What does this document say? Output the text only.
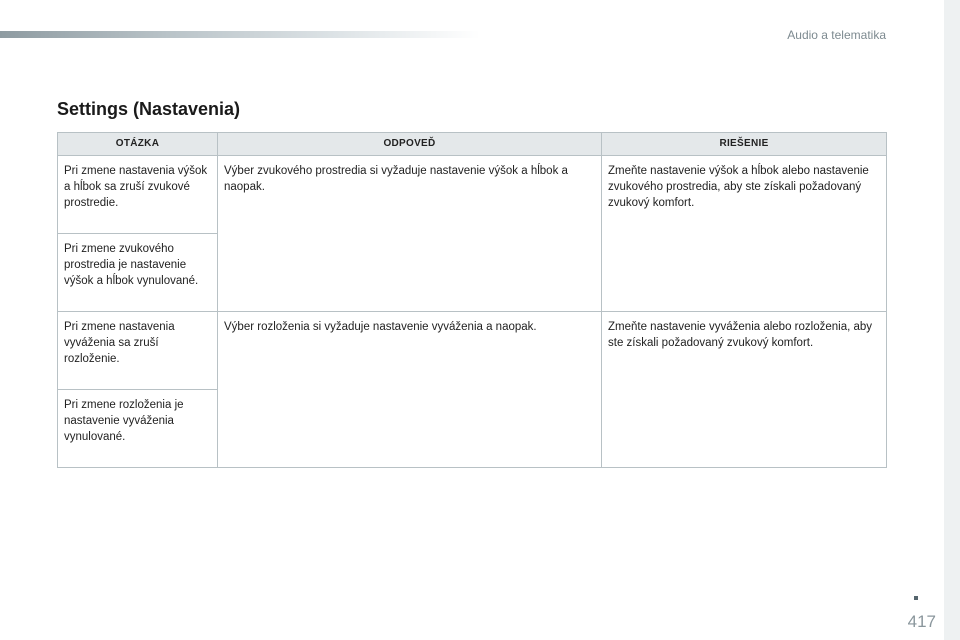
Audio a telematika
Settings (Nastavenia)
OTÁZKA	ODPOVEĎ	RIEŠENIE
Pri zmene nastavenia výšok a hĺbok sa zruší zvukové prostredie.	Výber zvukového prostredia si vyžaduje nastavenie výšok a hĺbok a naopak.	Zmeňte nastavenie výšok a hĺbok alebo nastavenie zvukového prostredia, aby ste získali požadovaný zvukový komfort.
Pri zmene zvukového prostredia je nastavenie výšok a hĺbok vynulované.		
Pri zmene nastavenia vyváženia sa zruší rozloženie.	Výber rozloženia si vyžaduje nastavenie vyváženia a naopak.	Zmeňte nastavenie vyváženia alebo rozloženia, aby ste získali požadovaný zvukový komfort.
Pri zmene rozloženia je nastavenie vyváženia vynulované.		
417
